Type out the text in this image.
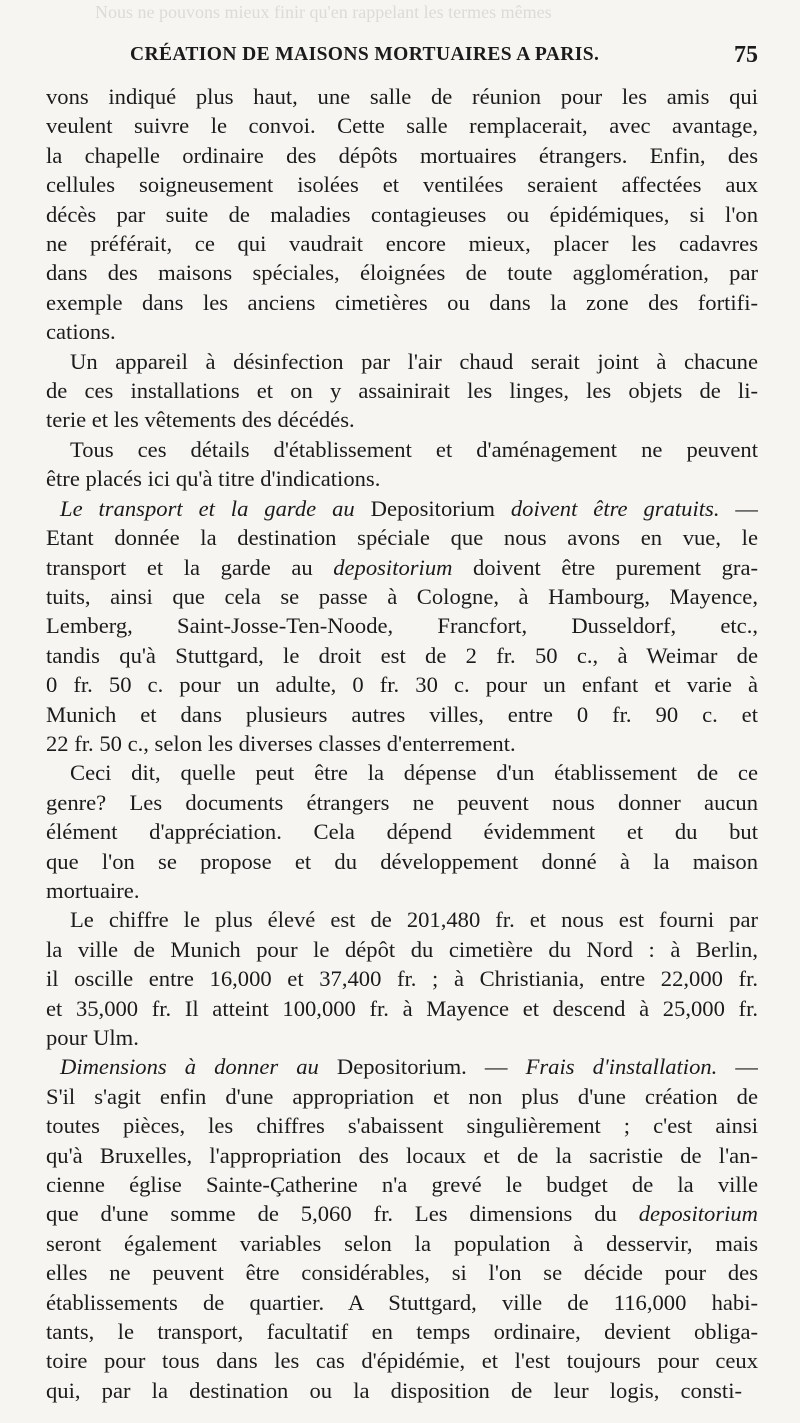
Nous ne pouvons mieux finir qu'en rappelant les termes mêmes
CRÉATION DE MAISONS MORTUAIRES A PARIS.	75
vons indiqué plus haut, une salle de réunion pour les amis qui
veulent suivre le convoi. Cette salle remplacerait, avec avantage,
la chapelle ordinaire des dépôts mortuaires étrangers. Enfin, des
cellules soigneusement isolées et ventilées seraient affectées aux
décès par suite de maladies contagieuses ou épidémiques, si l'on
ne préférait, ce qui vaudrait encore mieux, placer les cadavres
dans des maisons spéciales, éloignées de toute agglomération, par
exemple dans les anciens cimetières ou dans la zone des fortifi-
cations.
Un appareil à désinfection par l'air chaud serait joint à chacune
de ces installations et on y assainirait les linges, les objets de li-
terie et les vêtements des décédés.
Tous ces détails d'établissement et d'aménagement ne peuvent
être placés ici qu'à titre d'indications.
Le transport et la garde au Depositorium doivent être gratuits. —
Etant donnée la destination spéciale que nous avons en vue, le
transport et la garde au depositorium doivent être purement gra-
tuits, ainsi que cela se passe à Cologne, à Hambourg, Mayence,
Lemberg, Saint-Josse-Ten-Noode, Francfort, Dusseldorf, etc.,
tandis qu'à Stuttgard, le droit est de 2 fr. 50 c., à Weimar de
0 fr. 50 c. pour un adulte, 0 fr. 30 c. pour un enfant et varie à
Munich et dans plusieurs autres villes, entre 0 fr. 90 c. et
22 fr. 50 c., selon les diverses classes d'enterrement.
Ceci dit, quelle peut être la dépense d'un établissement de ce
genre? Les documents étrangers ne peuvent nous donner aucun
élément d'appréciation. Cela dépend évidemment et du but
que l'on se propose et du développement donné à la maison
mortuaire.
Le chiffre le plus élevé est de 201,480 fr. et nous est fourni par
la ville de Munich pour le dépôt du cimetière du Nord : à Berlin,
il oscille entre 16,000 et 37,400 fr. ; à Christiania, entre 22,000 fr.
et 35,000 fr. Il atteint 100,000 fr. à Mayence et descend à 25,000 fr.
pour Ulm.
Dimensions à donner au Depositorium. — Frais d'installation. —
S'il s'agit enfin d'une appropriation et non plus d'une création de
toutes pièces, les chiffres s'abaissent singulièrement ; c'est ainsi
qu'à Bruxelles, l'appropriation des locaux et de la sacristie de l'an-
cienne église Sainte-Çatherine n'a grevé le budget de la ville
que d'une somme de 5,060 fr. Les dimensions du depositorium
seront également variables selon la population à desservir, mais
elles ne peuvent être considérables, si l'on se décide pour des
établissements de quartier. A Stuttgard, ville de 116,000 habi-
tants, le transport, facultatif en temps ordinaire, devient obliga-
toire pour tous dans les cas d'épidémie, et l'est toujours pour ceux
qui, par la destination ou la disposition de leur logis, consti-
